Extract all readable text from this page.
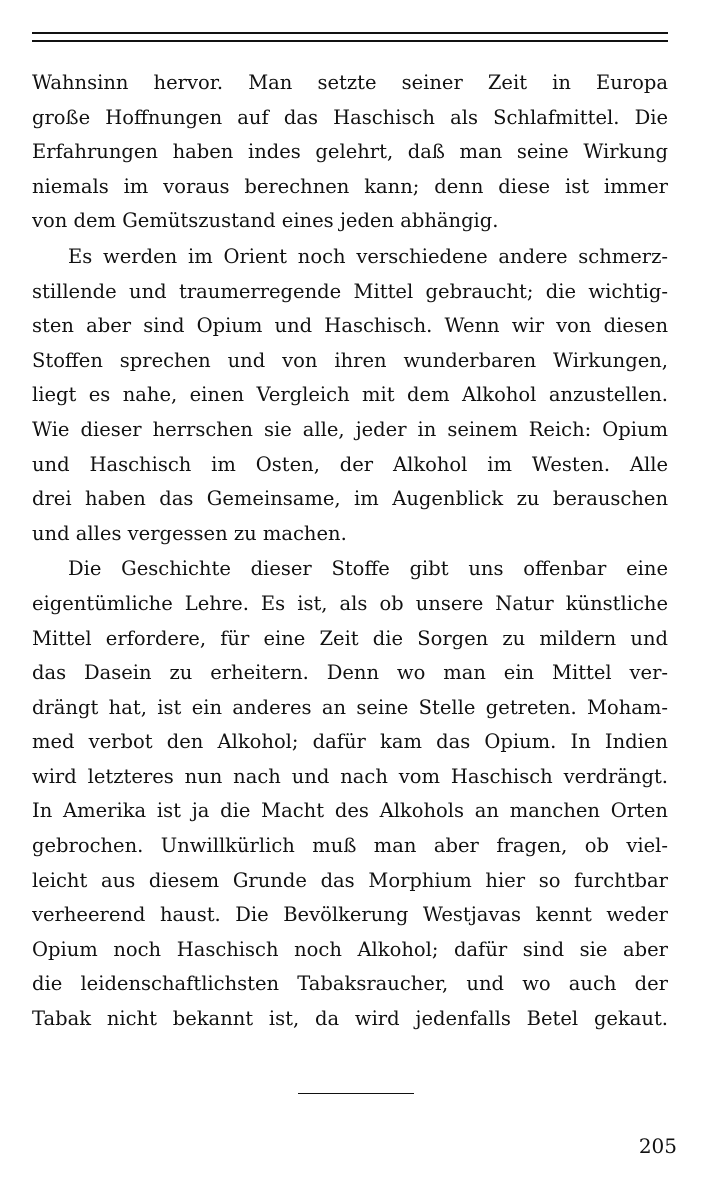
Wahnsinn hervor. Man setzte seiner Zeit in Europa
große Hoffnungen auf das Haschisch als Schlafmittel. Die
Erfahrungen haben indes gelehrt, daß man seine Wirkung
niemals im voraus berechnen kann; denn diese ist immer
von dem Gemütszustand eines jeden abhängig.
Es werden im Orient noch verschiedene andere schmerz-
stillende und traumerregende Mittel gebraucht; die wichtig-
sten aber sind Opium und Haschisch. Wenn wir von diesen
Stoffen sprechen und von ihren wunderbaren Wirkungen,
liegt es nahe, einen Vergleich mit dem Alkohol anzustellen.
Wie dieser herrschen sie alle, jeder in seinem Reich: Opium
und Haschisch im Osten, der Alkohol im Westen. Alle
drei haben das Gemeinsame, im Augenblick zu berauschen
und alles vergessen zu machen.
Die Geschichte dieser Stoffe gibt uns offenbar eine
eigentümliche Lehre. Es ist, als ob unsere Natur künstliche
Mittel erfordere, für eine Zeit die Sorgen zu mildern und
das Dasein zu erheitern. Denn wo man ein Mittel ver-
drängt hat, ist ein anderes an seine Stelle getreten. Moham-
med verbot den Alkohol; dafür kam das Opium. In Indien
wird letzteres nun nach und nach vom Haschisch verdrängt.
In Amerika ist ja die Macht des Alkohols an manchen Orten
gebrochen. Unwillkürlich muß man aber fragen, ob viel-
leicht aus diesem Grunde das Morphium hier so furchtbar
verheerend haust. Die Bevölkerung Westjavas kennt weder
Opium noch Haschisch noch Alkohol; dafür sind sie aber
die leidenschaftlichsten Tabaksraucher, und wo auch der
Tabak nicht bekannt ist, da wird jedenfalls Betel gekaut.
205
